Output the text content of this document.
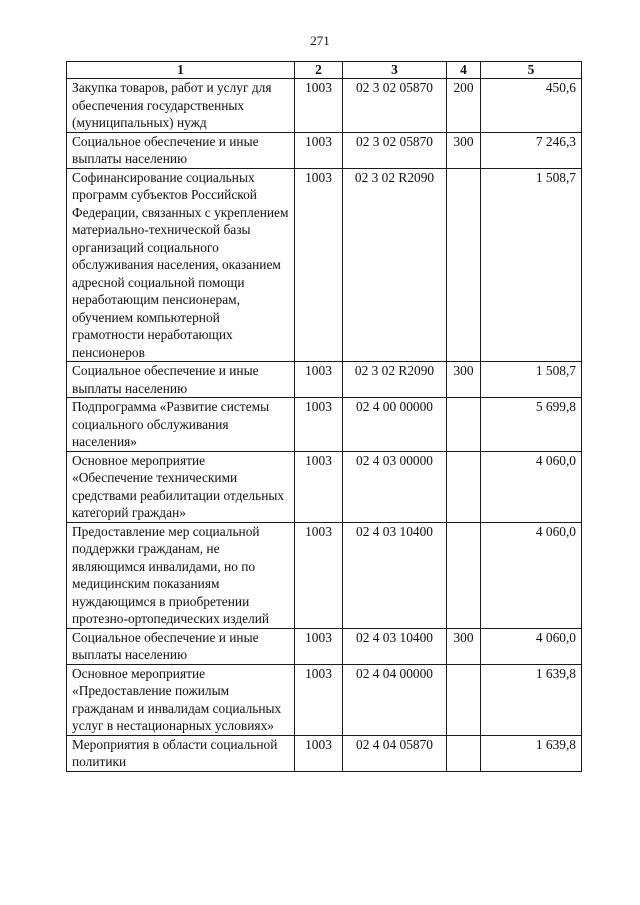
271
1	2	3	4	5
Закупка товаров, работ и услуг для обеспечения государственных (муниципальных) нужд	1003	02 3 02 05870	200	450,6
Социальное обеспечение и иные выплаты населению	1003	02 3 02 05870	300	7 246,3
Софинансирование социальных программ субъектов Российской Федерации, связанных с укреплением материально-технической базы организаций социального обслуживания населения, оказанием адресной социальной помощи неработающим пенсионерам, обучением компьютерной грамотности неработающих пенсионеров	1003	02 3 02 R2090		1 508,7
Социальное обеспечение и иные выплаты населению	1003	02 3 02 R2090	300	1 508,7
Подпрограмма «Развитие системы социального обслуживания населения»	1003	02 4 00 00000		5 699,8
Основное мероприятие «Обеспечение техническими средствами реабилитации отдельных категорий граждан»	1003	02 4 03 00000		4 060,0
Предоставление мер социальной поддержки гражданам, не являющимся инвалидами, но по медицинским показаниям нуждающимся в приобретении протезно-ортопедических изделий	1003	02 4 03 10400		4 060,0
Социальное обеспечение и иные выплаты населению	1003	02 4 03 10400	300	4 060,0
Основное мероприятие «Предоставление пожилым гражданам и инвалидам социальных услуг в нестационарных условиях»	1003	02 4 04 00000		1 639,8
Мероприятия в области социальной политики	1003	02 4 04 05870		1 639,8
